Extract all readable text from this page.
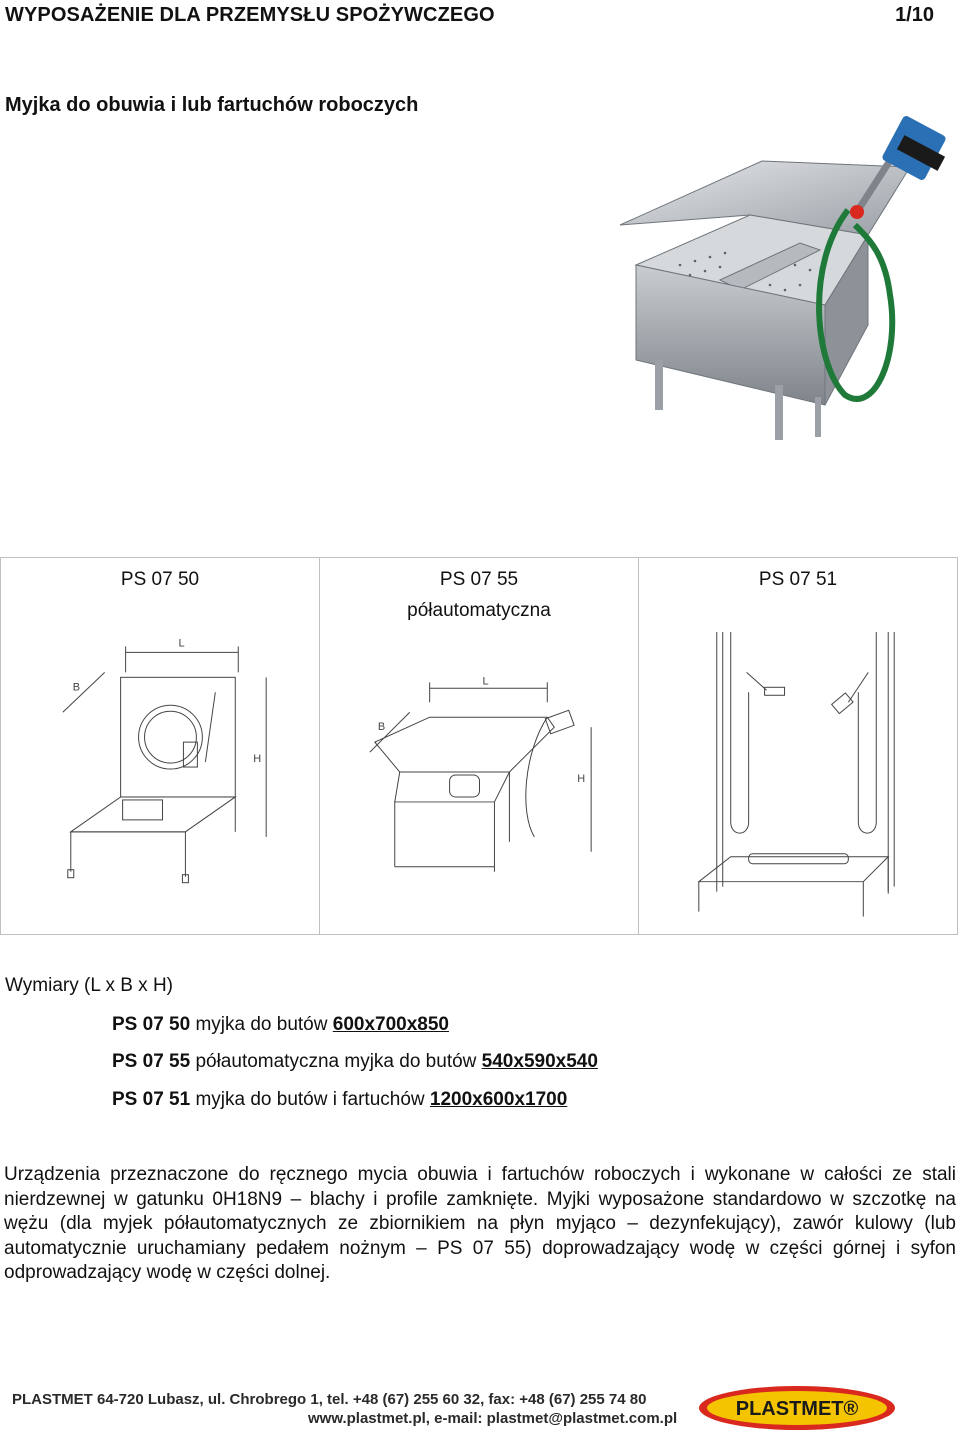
WYPOSAŻENIE DLA PRZEMYSŁU SPOŻYWCZEGO	1/10
Myjka do obuwia i lub fartuchów roboczych
PS 07 50
L
B
H
PS 07 55
półautomatyczna
L
B
H
PS 07 51
Wymiary (L x B x H)
PS 07 50 myjka do butów 600x700x850
PS 07 55 półautomatyczna myjka do butów 540x590x540
PS 07 51 myjka do butów i fartuchów 1200x600x1700
Urządzenia przeznaczone do ręcznego mycia obuwia i fartuchów roboczych i wykonane w całości ze stali nierdzewnej w gatunku 0H18N9 – blachy i profile zamknięte. Myjki wyposażone standardowo w szczotkę na wężu (dla myjek półautomatycznych ze zbiornikiem na płyn myjąco – dezynfekujący), zawór kulowy (lub automatycznie uruchamiany pedałem nożnym – PS 07 55) doprowadzający wodę w części górnej i syfon odprowadzający wodę w części dolnej.
PLASTMET 64-720 Lubasz, ul. Chrobrego 1, tel. +48 (67) 255 60 32, fax: +48 (67) 255 74 80
www.plastmet.pl, e-mail: plastmet@plastmet.com.pl	PLASTMET®
